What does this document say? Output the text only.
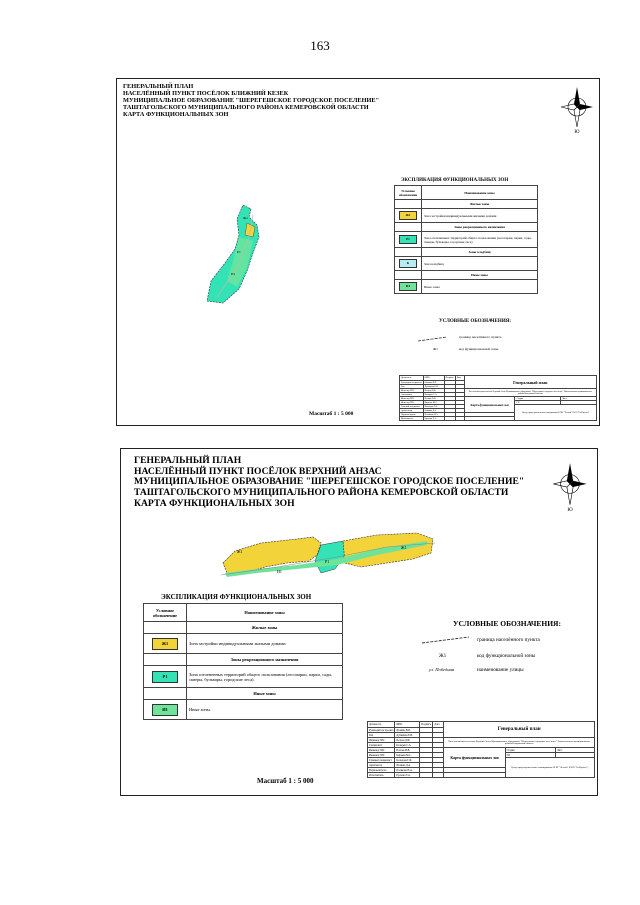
163
ГЕНЕРАЛЬНЫЙ ПЛАН
НАСЕЛЁННЫЙ ПУНКТ ПОСЁЛОК БЛИЖНИЙ КЕЗЕК
МУНИЦИПАЛЬНОЕ ОБРАЗОВАНИЕ "ШЕРЕГЕШСКОЕ ГОРОДСКОЕ ПОСЕЛЕНИЕ"
ТАШТАГОЛЬСКОГО МУНИЦИПАЛЬНОГО РАЙОНА КЕМЕРОВСКОЙ ОБЛАСТИ
КАРТА ФУНКЦИОНАЛЬНЫХ ЗОН
Ю
Ж1
Р1
И1
ЭКСПЛИКАЦИЯ ФУНКЦИОНАЛЬНЫХ ЗОН
Условное обозначение	Наименование зоны
	Жилые зоны
Ж1	Зона застройки индивидуальными жилыми домами
	Зоны рекреационного назначения
Р1	Зона озелененных территорий общего пользования (лесопарки, парки, сады, скверы, бульвары, городские леса)
	Зоны кладбищ
К	Зона кладбищ
	Иные зоны
И1	Иные зоны
УСЛОВНЫЕ ОБОЗНАЧЕНИЯ:
граница населённого пункта
Ж1	код функциональной зоны
Масштаб 1 : 5 000
Должность	ФИО	Подпись	Дата	Генеральный план		
Руководитель проекта	Фомина В.П.					
Гип	Дубинина Е.В.					
Инженер ГИС	Петров Д.Ф.			Населённый пункт посёлок Верхний Анзас Муниципальное образование "Шерегешское городское поселение" Таштагольского муниципального района Кемеровской области		
Специалист	Козырев С.А.					
Инженер ГИС	Попова В.В.			Карта функциональных зон	Стадия	Лист
Инженер ГИС	Киреева М.С.				ГП	
Главный специалист	Кольцова Г.Ф.				Центр градостроительного планирования ФГБУ "Лесной" (ООО "ГеоПроект")	
Архитектор	Фомина Д.А.					
Нормоконтроль	Полякова Н.А.					
Исполнитель	Ерохова Т.А.					
ГЕНЕРАЛЬНЫЙ ПЛАН
НАСЕЛЁННЫЙ ПУНКТ ПОСЁЛОК ВЕРХНИЙ АНЗАС
МУНИЦИПАЛЬНОЕ ОБРАЗОВАНИЕ "ШЕРЕГЕШСКОЕ ГОРОДСКОЕ ПОСЕЛЕНИЕ"
ТАШТАГОЛЬСКОГО МУНИЦИПАЛЬНОГО РАЙОНА КЕМЕРОВСКОЙ ОБЛАСТИ
КАРТА ФУНКЦИОНАЛЬНЫХ ЗОН
Ю
Ж1
Ж1
Р1
И1
ЭКСПЛИКАЦИЯ ФУНКЦИОНАЛЬНЫХ ЗОН
Условное обозначение	Наименование зоны
	Жилые зоны
Ж1	Зона застройки индивидуальными жилыми домами.
	Зоны рекреационного назначения
Р1	Зона озелененных территорий общего пользования (лесопарки, парки, сады, скверы, бульвары, городские леса).
	Иные зоны
И1	Иные зоны.
УСЛОВНЫЕ ОБОЗНАЧЕНИЯ:
граница населённого пункта
Ж1	код функциональной зоны
ул. Победная	наименование улицы
Масштаб 1 : 5 000
Должность	ФИО	Подпись	Дата	Генеральный план		
Руководитель проекта	Фомина В.П.					
Гип	Дубинина Е.В.					
Инженер ГИС	Петров Д.Ф.			Населённый пункт посёлок Верхний Анзас Муниципальное образование "Шерегешское городское поселение" Таштагольского муниципального района Кемеровской области		
Специалист	Козырев С.А.					
Инженер ГИС	Попова В.В.			Карта функциональных зон	Стадия	Лист
Инженер ГИС	Киреева М.С.				ГП	
Главный специалист	Кольцова Г.Ф.				Центр градостроительного планирования ФГБУ "Лесной" (ООО "ГеоПроект")	
Архитектор	Фомина Д.А.					
Нормоконтроль	Полякова Н.А.					
Исполнитель	Ерохова Т.А.					
